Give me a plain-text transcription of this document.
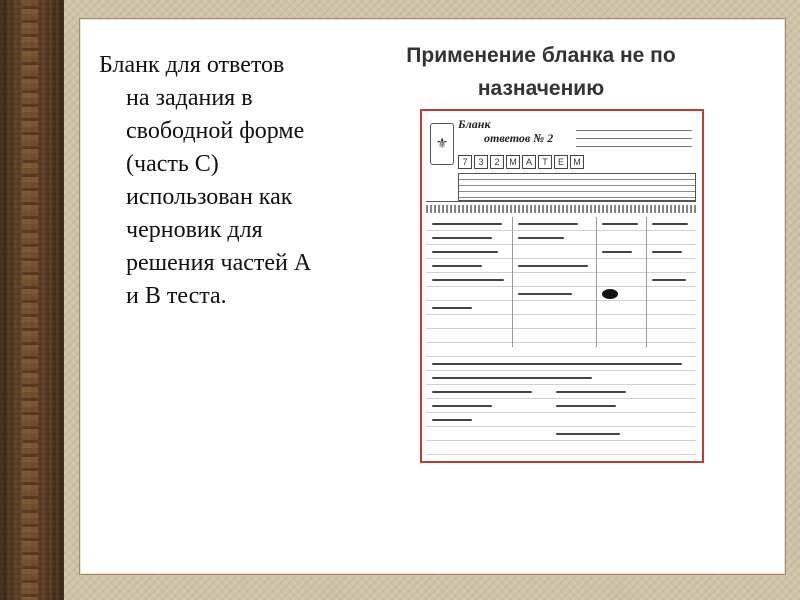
Бланк для ответов
на задания в
свободной форме
(часть С)
использован как
черновик для
решения частей А
и В теста.
Применение бланка не по
назначению
⚜
Бланк
ответов № 2
7	3	2	М	А	Т	Е	М
